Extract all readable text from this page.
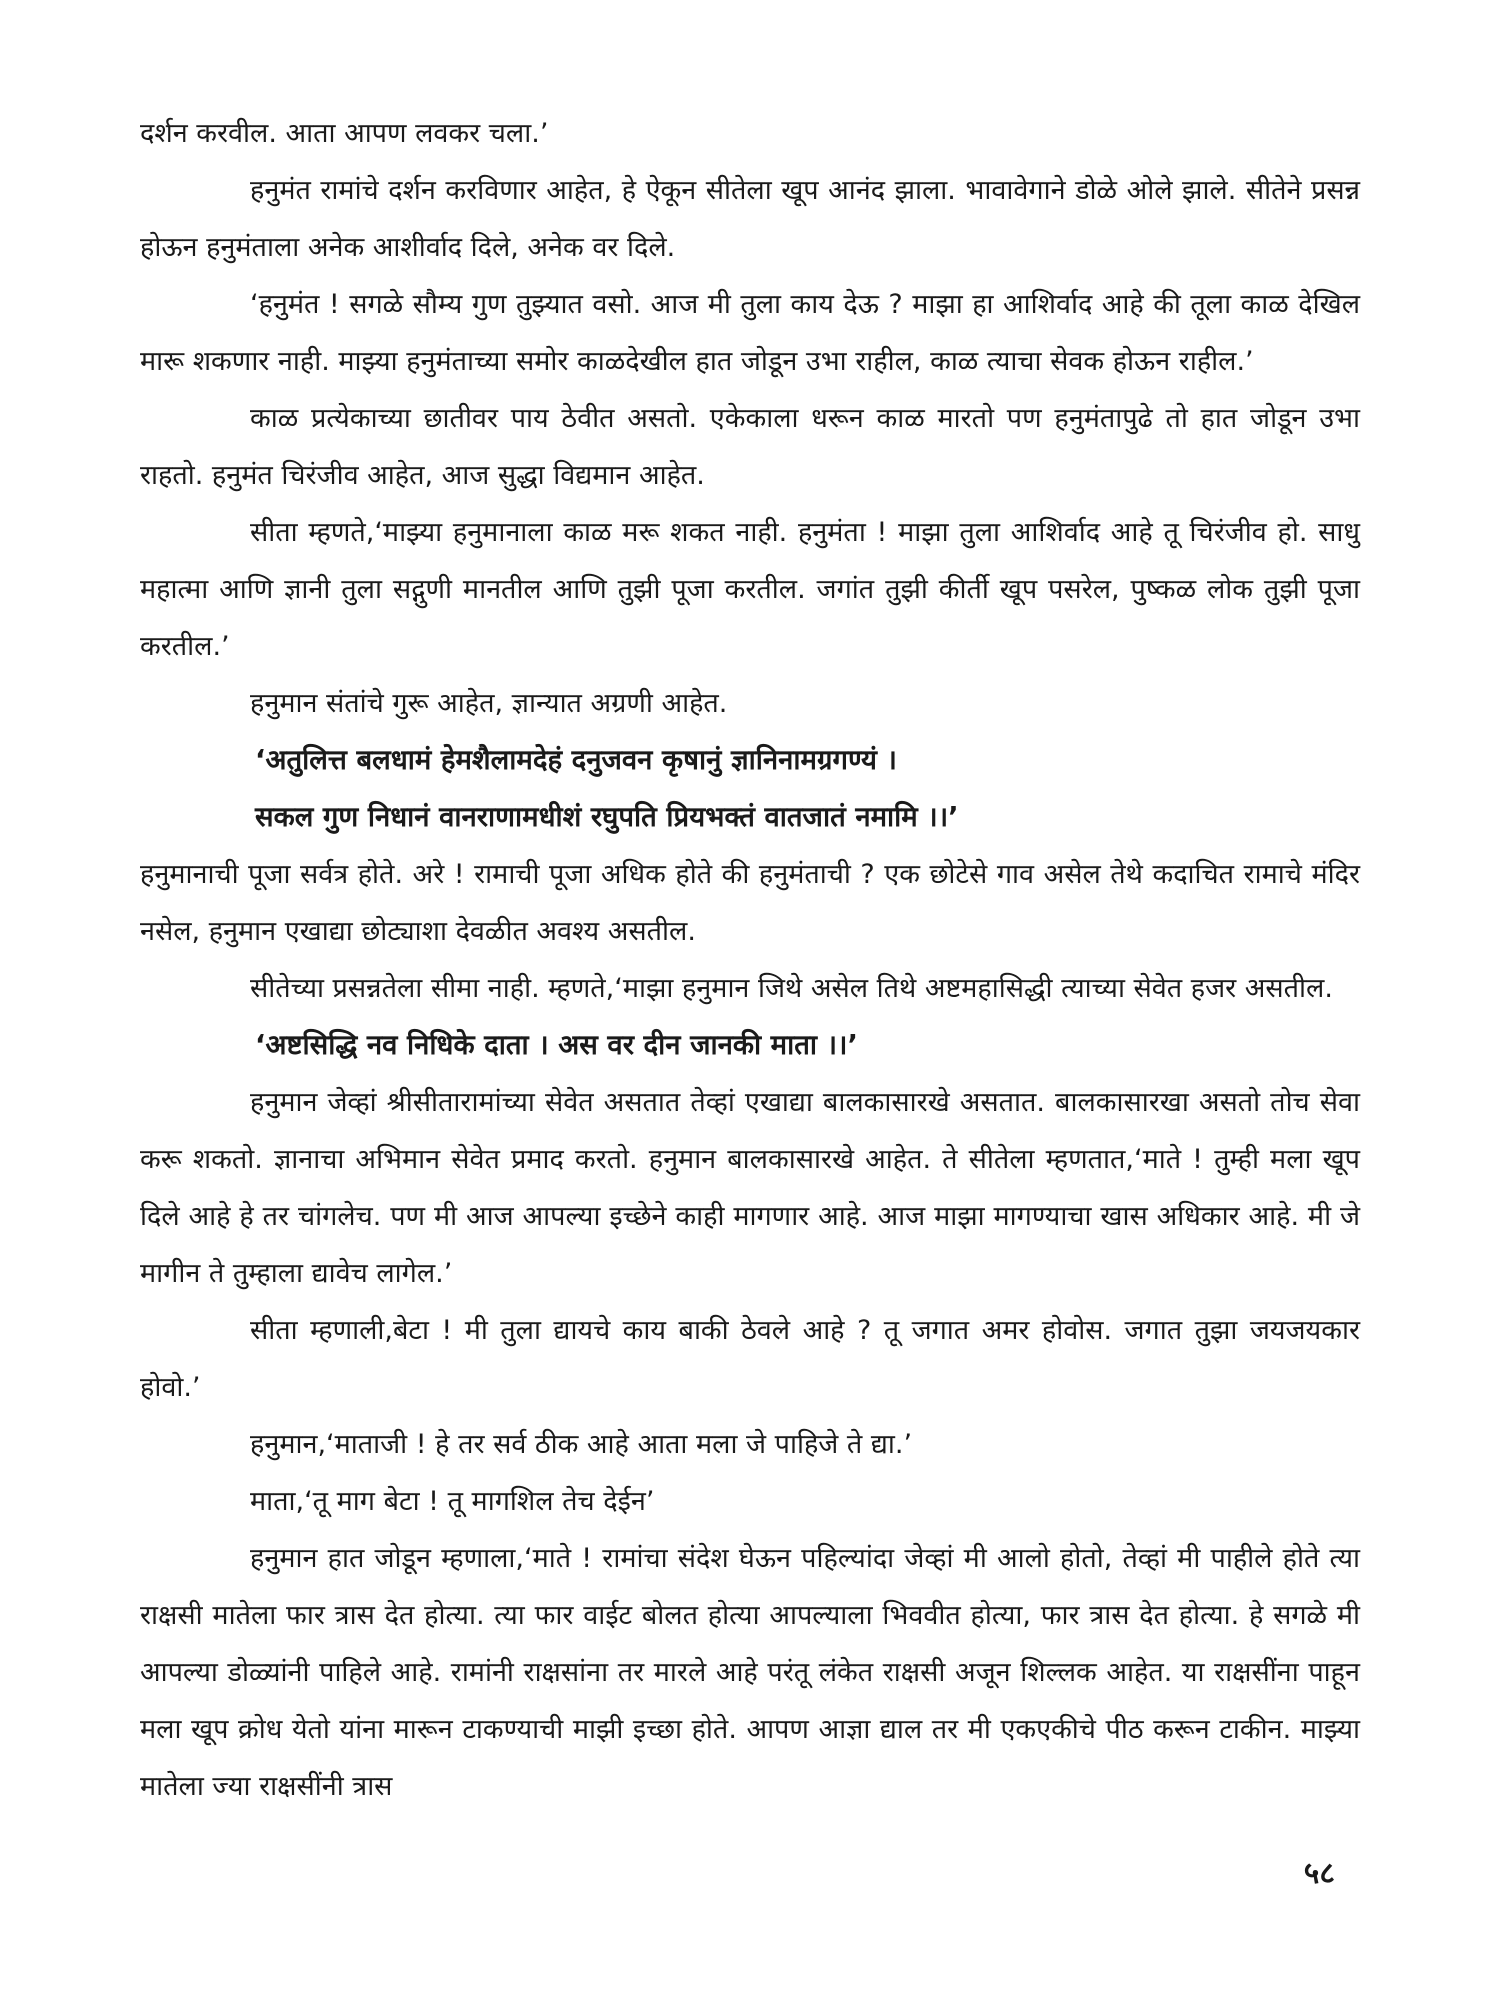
दर्शन करवील. आता आपण लवकर चला.’

हनुमंत रामांचे दर्शन करविणार आहेत, हे ऐकून सीतेला खूप आनंद झाला. भावावेगाने डोळे ओले झाले. सीतेने प्रसन्न होऊन हनुमंताला अनेक आशीर्वाद दिले, अनेक वर दिले.

‘हनुमंत ! सगळे सौम्य गुण तुझ्यात वसो. आज मी तुला काय देऊ ? माझा हा आशिर्वाद आहे की तूला काळ देखिल मारू शकणार नाही. माझ्या हनुमंताच्या समोर काळदेखील हात जोडून उभा राहील, काळ त्याचा सेवक होऊन राहील.’

काळ प्रत्येकाच्या छातीवर पाय ठेवीत असतो. एकेकाला धरून काळ मारतो पण हनुमंतापुढे तो हात जोडून उभा राहतो. हनुमंत चिरंजीव आहेत, आज सुद्धा विद्यमान आहेत.

सीता म्हणते,‘माझ्या हनुमानाला काळ मरू शकत नाही. हनुमंता ! माझा तुला आशिर्वाद आहे तू चिरंजीव हो. साधु महात्मा आणि ज्ञानी तुला सद्गुणी मानतील आणि तुझी पूजा करतील. जगांत तुझी कीर्ती खूप पसरेल, पुष्कळ लोक तुझी पूजा करतील.’

हनुमान संतांचे गुरू आहेत, ज्ञान्यात अग्रणी आहेत.

‘अतुलित्त बलधामं हेमशैलामदेहं दनुजवन कृषानुं ज्ञानिनामग्रगण्यं ।

सकल गुण निधानं वानराणामधीशं रघुपति प्रियभक्तं वातजातं नमामि ।।’

हनुमानाची पूजा सर्वत्र होते. अरे ! रामाची पूजा अधिक होते की हनुमंताची ? एक छोटेसे गाव असेल तेथे कदाचित रामाचे मंदिर नसेल, हनुमान एखाद्या छोट्याशा देवळीत अवश्य असतील.

सीतेच्या प्रसन्नतेला सीमा नाही. म्हणते,‘माझा हनुमान जिथे असेल तिथे अष्टमहासिद्धी त्याच्या सेवेत हजर असतील.

‘अष्टसिद्धि नव निधिके दाता । अस वर दीन जानकी माता ।।’

हनुमान जेव्हां श्रीसीतारामांच्या सेवेत असतात तेव्हां एखाद्या बालकासारखे असतात. बालकासारखा असतो तोच सेवा करू शकतो. ज्ञानाचा अभिमान सेवेत प्रमाद करतो. हनुमान बालकासारखे आहेत. ते सीतेला म्हणतात,‘माते ! तुम्ही मला खूप दिले आहे हे तर चांगलेच. पण मी आज आपल्या इच्छेने काही मागणार आहे. आज माझा मागण्याचा खास अधिकार आहे. मी जे मागीन ते तुम्हाला द्यावेच लागेल.’

सीता म्हणाली,बेटा ! मी तुला द्यायचे काय बाकी ठेवले आहे ? तू जगात अमर होवोस. जगात तुझा जयजयकार होवो.’

हनुमान,‘माताजी ! हे तर सर्व ठीक आहे आता मला जे पाहिजे ते द्या.’

माता,‘तू माग बेटा ! तू मागशिल तेच देईन’

हनुमान हात जोडून म्हणाला,‘माते ! रामांचा संदेश घेऊन पहिल्यांदा जेव्हां मी आलो होतो, तेव्हां मी पाहीले होते त्या राक्षसी मातेला फार त्रास देत होत्या. त्या फार वाईट बोलत होत्या आपल्याला भिववीत होत्या, फार त्रास देत होत्या. हे सगळे मी आपल्या डोळ्यांनी पाहिले आहे. रामांनी राक्षसांना तर मारले आहे परंतू लंकेत राक्षसी अजून शिल्लक आहेत. या राक्षसींना पाहून मला खूप क्रोध येतो यांना मारून टाकण्याची माझी इच्छा होते. आपण आज्ञा द्याल तर मी एकएकीचे पीठ करून टाकीन. माझ्या मातेला ज्या राक्षसींनी त्रास

५८
